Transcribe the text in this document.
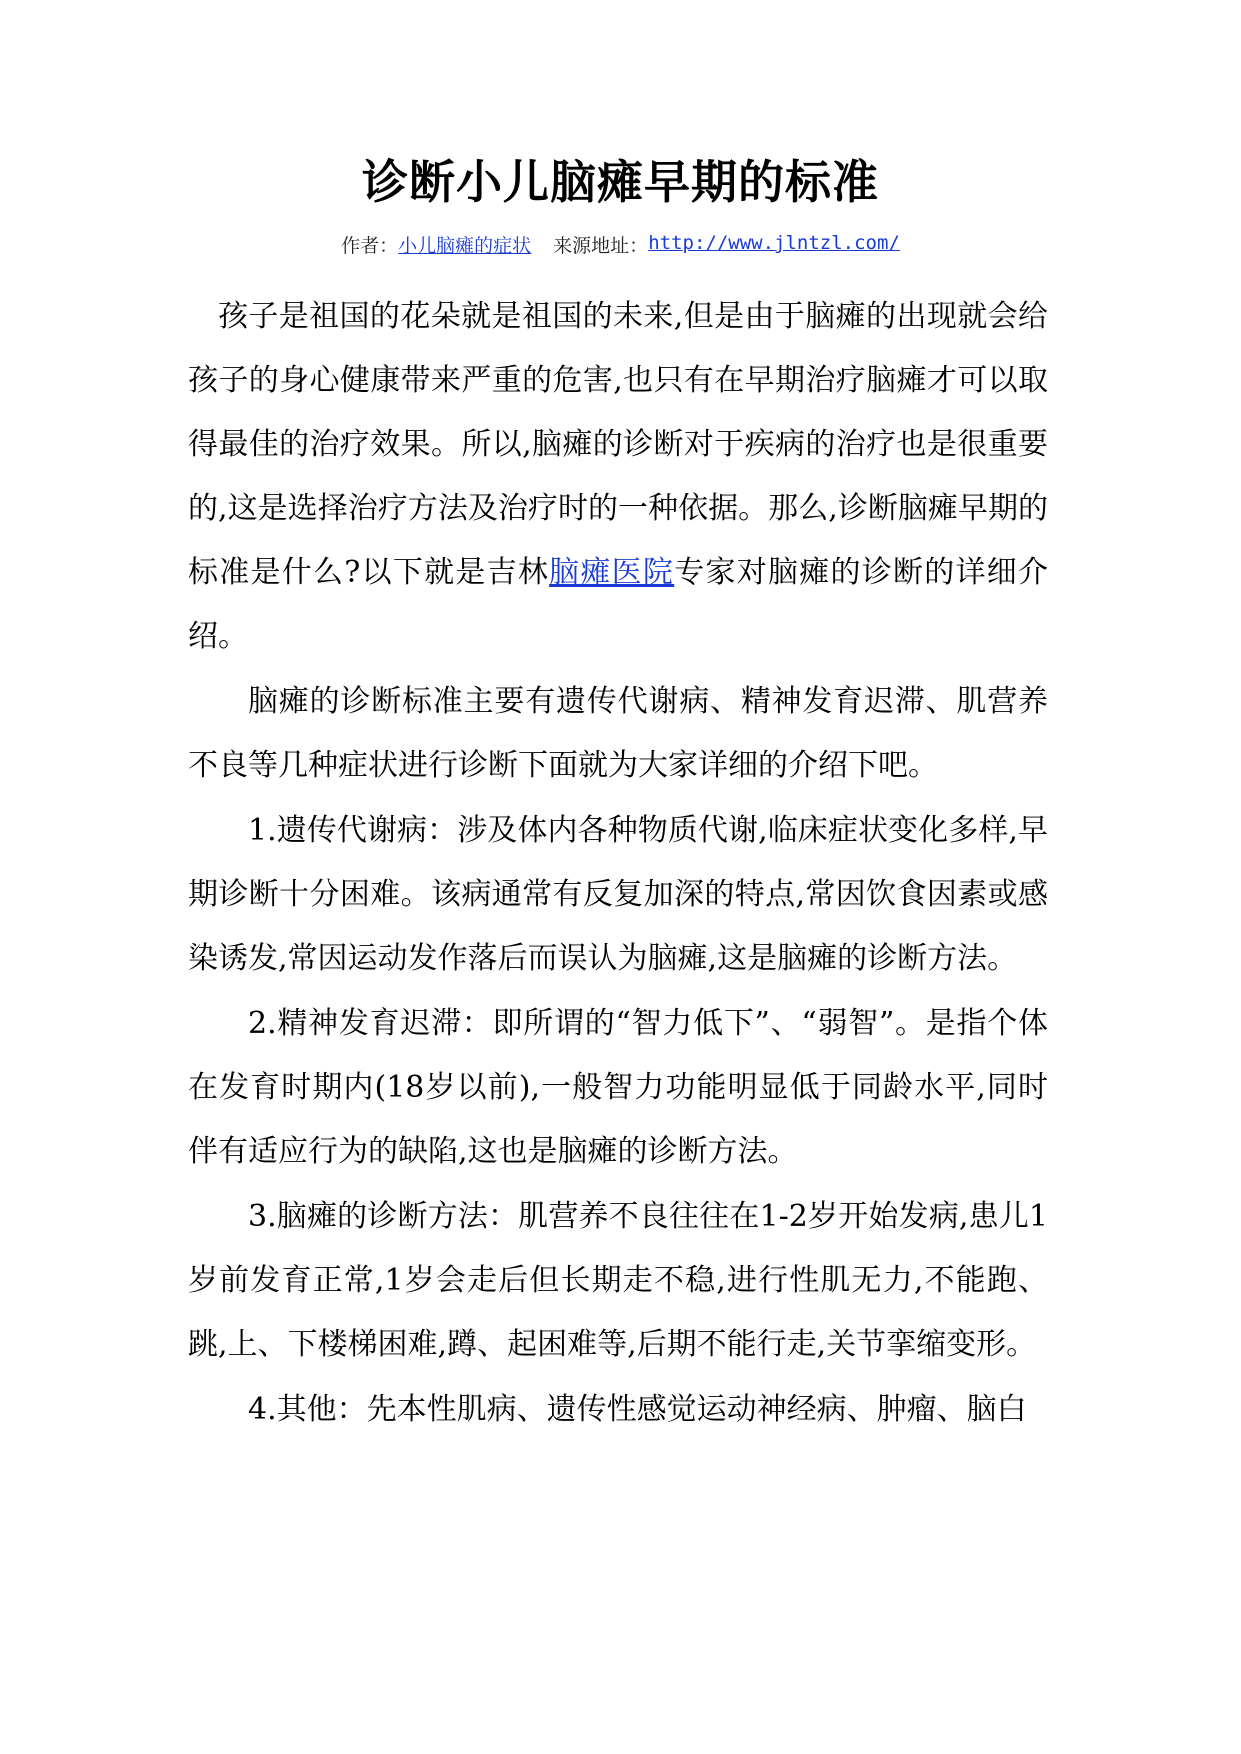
诊断小儿脑瘫早期的标准
作者：小儿脑瘫的症状 来源地址：http://www.jlntzl.com/

孩子是祖国的花朵就是祖国的未来,但是由于脑瘫的出现就会给孩子的身心健康带来严重的危害,也只有在早期治疗脑瘫才可以取得最佳的治疗效果。所以,脑瘫的诊断对于疾病的治疗也是很重要的,这是选择治疗方法及治疗时的一种依据。那么,诊断脑瘫早期的标准是什么?以下就是吉林脑瘫医院专家对脑瘫的诊断的详细介绍。

脑瘫的诊断标准主要有遗传代谢病、精神发育迟滞、肌营养不良等几种症状进行诊断下面就为大家详细的介绍下吧。

1.遗传代谢病：涉及体内各种物质代谢,临床症状变化多样,早期诊断十分困难。该病通常有反复加深的特点,常因饮食因素或感染诱发,常因运动发作落后而误认为脑瘫,这是脑瘫的诊断方法。

2.精神发育迟滞：即所谓的“智力低下”、“弱智”。是指个体在发育时期内(18岁以前),一般智力功能明显低于同龄水平,同时伴有适应行为的缺陷,这也是脑瘫的诊断方法。

3.脑瘫的诊断方法：肌营养不良往往在1-2岁开始发病,患儿1岁前发育正常,1岁会走后但长期走不稳,进行性肌无力,不能跑、跳,上、下楼梯困难,蹲、起困难等,后期不能行走,关节挛缩变形。

4.其他：先本性肌病、遗传性感觉运动神经病、肿瘤、脑白
